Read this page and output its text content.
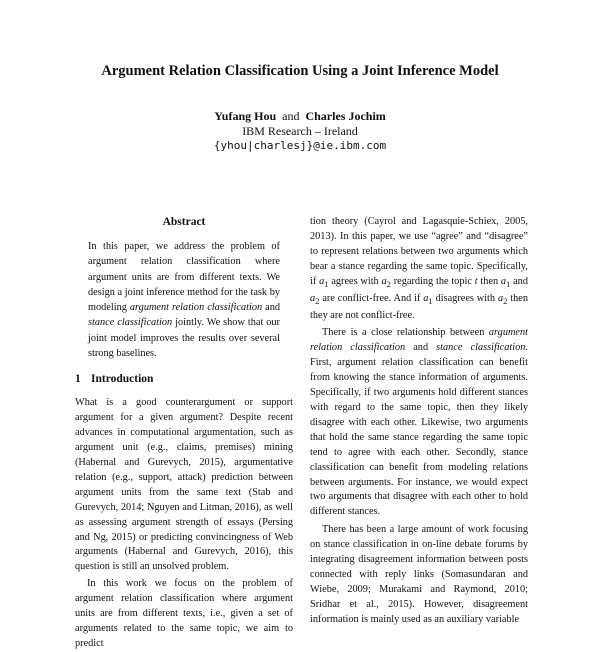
Argument Relation Classification Using a Joint Inference Model
Yufang Hou and Charles Jochim
IBM Research – Ireland
{yhou|charlesj}@ie.ibm.com
Abstract

In this paper, we address the problem of argument relation classification where argument units are from different texts. We design a joint inference method for the task by modeling argument relation classification and stance classification jointly. We show that our joint model improves the results over several strong baselines.

1 Introduction

What is a good counterargument or support argument for a given argument? Despite recent advances in computational argumentation, such as argument unit (e.g., claims, premises) mining (Habernal and Gurevych, 2015), argumentative relation (e.g., support, attack) prediction between argument units from the same text (Stab and Gurevych, 2014; Nguyen and Litman, 2016), as well as assessing argument strength of essays (Persing and Ng, 2015) or predicting convincingness of Web arguments (Habernal and Gurevych, 2016), this question is still an unsolved problem.

In this work we focus on the problem of argument relation classification where argument units are from different texts, i.e., given a set of arguments related to the same topic, we aim to predict

tion theory (Cayrol and Lagasquie-Schiex, 2005, 2013). In this paper, we use “agree” and “disagree” to represent relations between two arguments which bear a stance regarding the same topic. Specifically, if $a_1$ agrees with $a_2$ regarding the topic t then $a_1$ and $a_2$ are conflict-free. And if $a_1$ disagrees with $a_2$ then they are not conflict-free.

There is a close relationship between argument relation classification and stance classification. First, argument relation classification can benefit from knowing the stance information of arguments. Specifically, if two arguments hold different stances with regard to the same topic, then they likely disagree with each other. Likewise, two arguments that hold the same stance regarding the same topic tend to agree with each other. Secondly, stance classification can benefit from modeling relations between arguments. For instance, we would expect two arguments that disagree with each other to hold different stances.

There has been a large amount of work focusing on stance classification in on-line debate forums by integrating disagreement information between posts connected with reply links (Somasundaran and Wiebe, 2009; Murakami and Raymond, 2010; Sridhar et al., 2015). However, disagreement information is mainly used as an auxiliary variable
